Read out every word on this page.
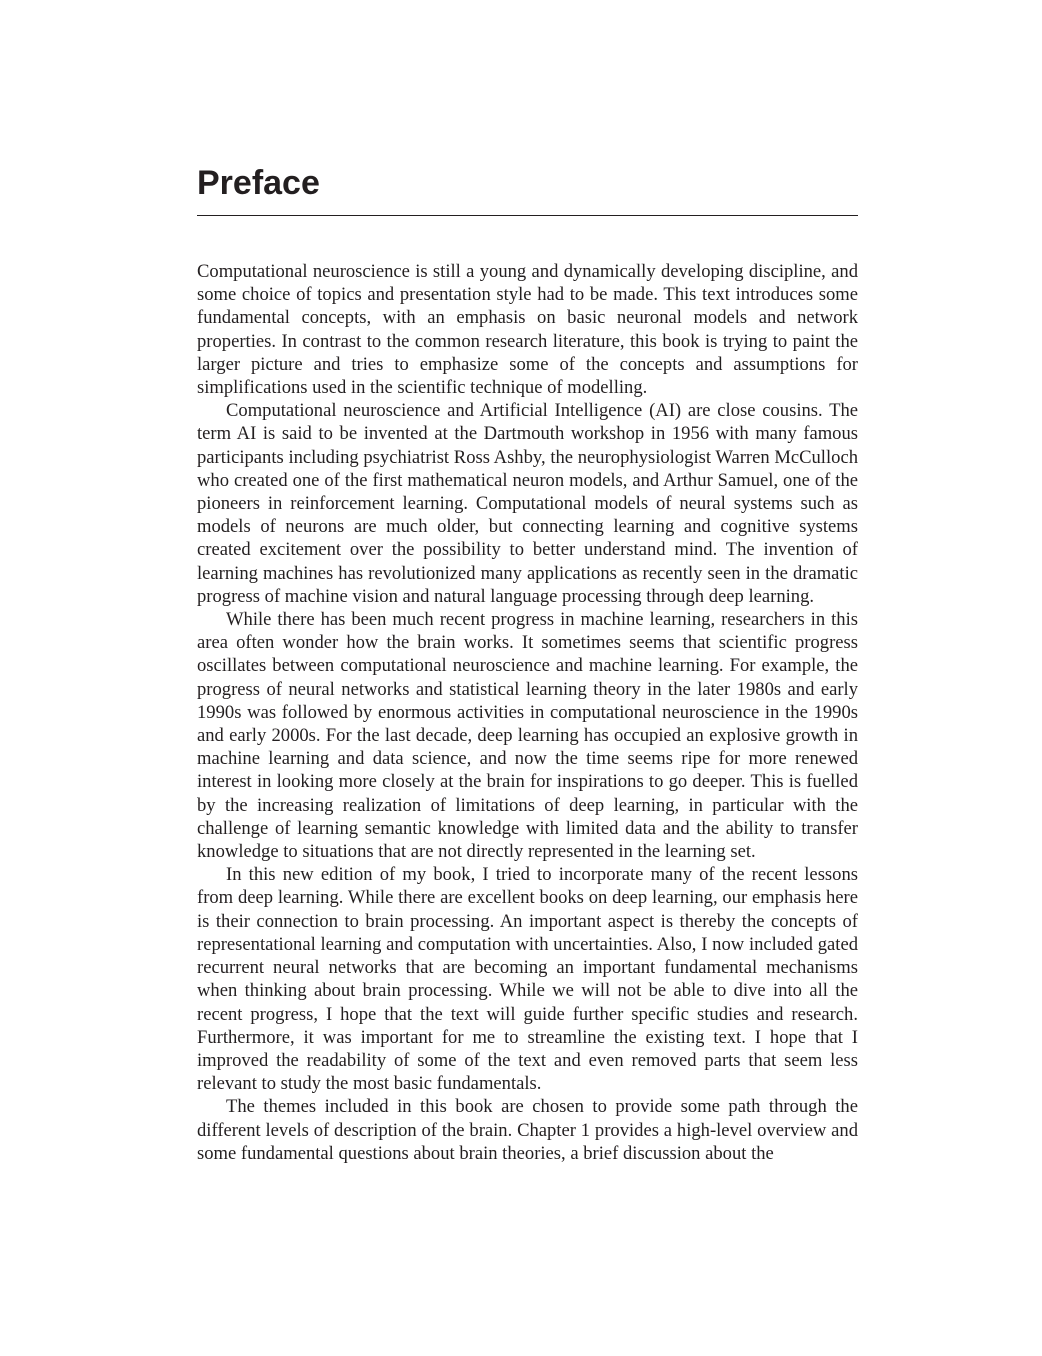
Preface

Computational neuroscience is still a young and dynamically developing discipline, and some choice of topics and presentation style had to be made. This text introduces some fundamental concepts, with an emphasis on basic neuronal models and network properties. In contrast to the common research literature, this book is trying to paint the larger picture and tries to emphasize some of the concepts and assumptions for simplifications used in the scientific technique of modelling.

Computational neuroscience and Artificial Intelligence (AI) are close cousins. The term AI is said to be invented at the Dartmouth workshop in 1956 with many famous participants including psychiatrist Ross Ashby, the neurophysiologist Warren McCulloch who created one of the first mathematical neuron models, and Arthur Samuel, one of the pioneers in reinforcement learning. Computational models of neural systems such as models of neurons are much older, but connecting learning and cognitive systems created excitement over the possibility to better understand mind. The invention of learning machines has revolutionized many applications as recently seen in the dramatic progress of machine vision and natural language processing through deep learning.

While there has been much recent progress in machine learning, researchers in this area often wonder how the brain works. It sometimes seems that scientific progress oscillates between computational neuroscience and machine learning. For example, the progress of neural networks and statistical learning theory in the later 1980s and early 1990s was followed by enormous activities in computational neuroscience in the 1990s and early 2000s. For the last decade, deep learning has occupied an explosive growth in machine learning and data science, and now the time seems ripe for more renewed interest in looking more closely at the brain for inspirations to go deeper. This is fuelled by the increasing realization of limitations of deep learning, in particular with the challenge of learning semantic knowledge with limited data and the ability to transfer knowledge to situations that are not directly represented in the learning set.

In this new edition of my book, I tried to incorporate many of the recent lessons from deep learning. While there are excellent books on deep learning, our emphasis here is their connection to brain processing. An important aspect is thereby the concepts of representational learning and computation with uncertainties. Also, I now included gated recurrent neural networks that are becoming an important fundamental mechanisms when thinking about brain processing. While we will not be able to dive into all the recent progress, I hope that the text will guide further specific studies and research. Furthermore, it was important for me to streamline the existing text. I hope that I improved the readability of some of the text and even removed parts that seem less relevant to study the most basic fundamentals.

The themes included in this book are chosen to provide some path through the different levels of description of the brain. Chapter 1 provides a high-level overview and some fundamental questions about brain theories, a brief discussion about the
